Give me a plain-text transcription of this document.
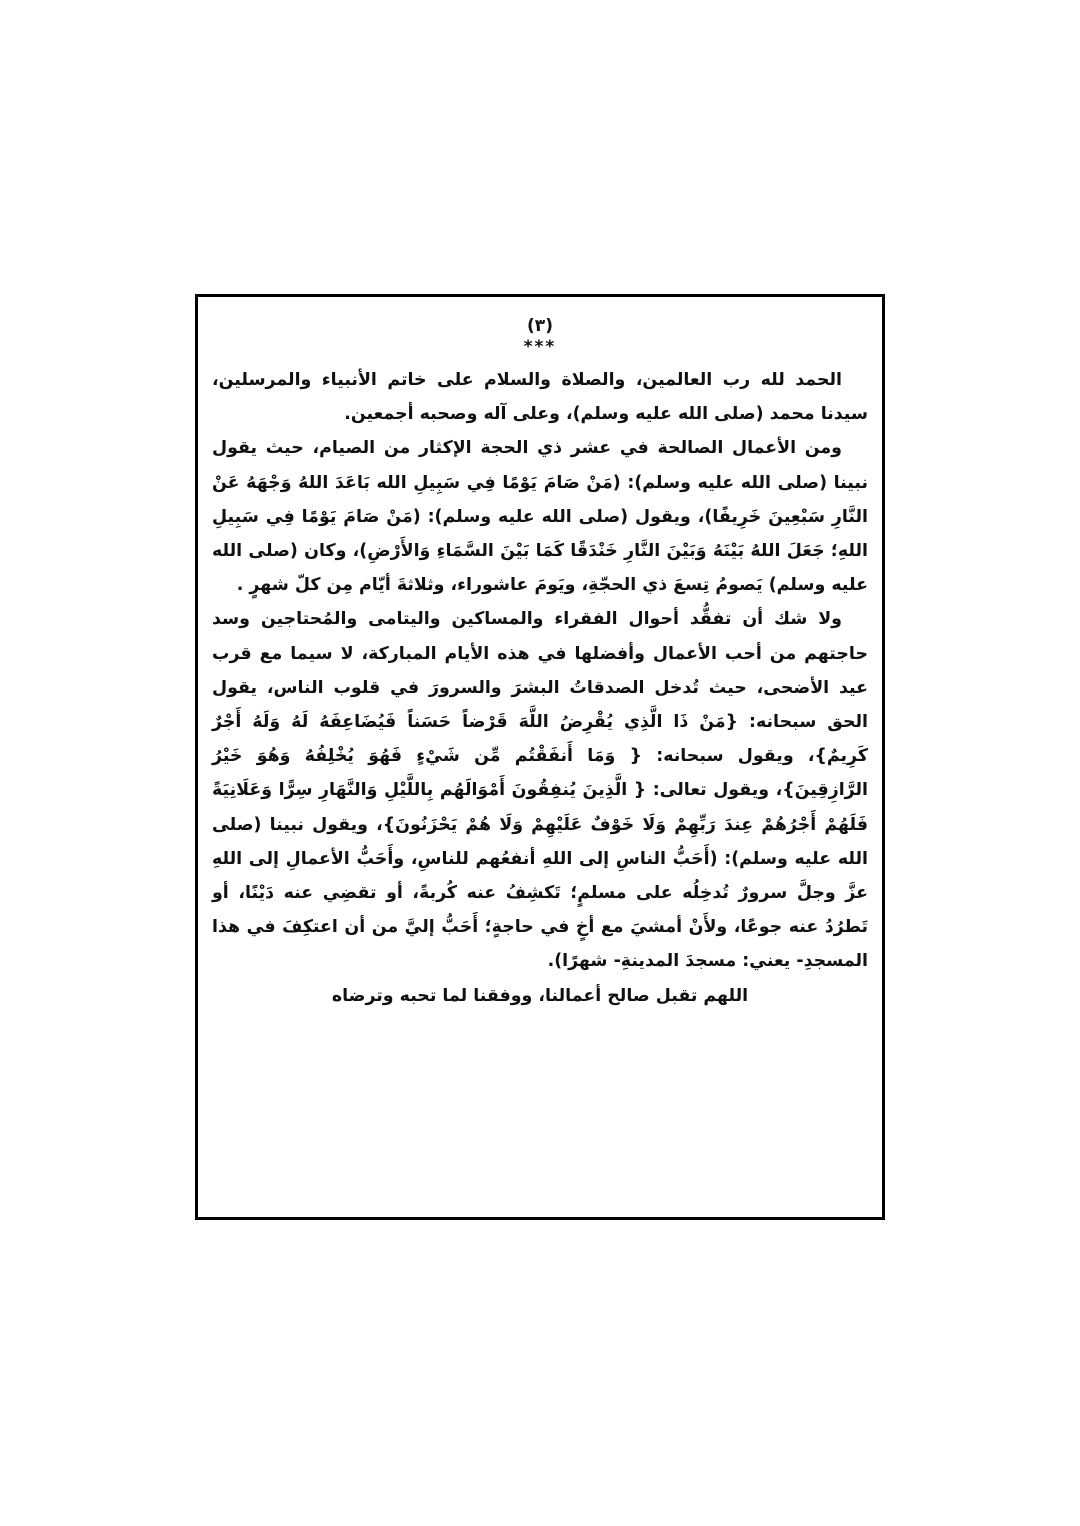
(٣)

***

الحمد لله رب العالمين، والصلاة والسلام على خاتم الأنبياء والمرسلين، سيدنا محمد (صلى الله عليه وسلم)، وعلى آله وصحبه أجمعين.

ومن الأعمال الصالحة في عشر ذي الحجة الإكثار من الصيام، حيث يقول نبينا (صلى الله عليه وسلم): (مَنْ صَامَ يَوْمًا فِي سَبِيلِ الله بَاعَدَ اللهُ وَجْهَهُ عَنْ النَّارِ سَبْعِينَ خَرِيفًا)، ويقول (صلى الله عليه وسلم): (مَنْ صَامَ يَوْمًا فِي سَبِيلِ اللهِ؛ جَعَلَ اللهُ بَيْنَهُ وَبَيْنَ النَّارِ خَنْدَقًا كَمَا بَيْنَ السَّمَاءِ وَالأَرْضِ)، وكان (صلى الله عليه وسلم) يَصومُ تِسعَ ذي الحجّةِ، ويَومَ عاشوراء، وثلاثةَ أيّام مِن كلّ شهرٍ .

ولا شك أن تفقُّد أحوال الفقراء والمساكين واليتامى والمُحتاجين وسد حاجتهم من أحب الأعمال وأفضلها في هذه الأيام المباركة، لا سيما مع قرب عيد الأضحى، حيث تُدخل الصدقاتُ البشرَ والسرورَ في قلوب الناس، يقول الحق سبحانه: {مَنْ ذَا الَّذِي يُقْرِضُ اللَّهَ قَرْضاً حَسَناً فَيُضَاعِفَهُ لَهُ وَلَهُ أَجْرٌ كَرِيمٌ}، ويقول سبحانه: { وَمَا أَنفَقْتُم مِّن شَيْءٍ فَهُوَ يُخْلِفُهُ وَهُوَ خَيْرُ الرَّازِقِينَ}، ويقول تعالى: { الَّذِينَ يُنفِقُونَ أَمْوَالَهُم بِاللَّيْلِ وَالنَّهَارِ سِرًّا وَعَلَانِيَةً فَلَهُمْ أَجْرُهُمْ عِندَ رَبِّهِمْ وَلَا خَوْفٌ عَلَيْهِمْ وَلَا هُمْ يَحْزَنُونَ}، ويقول نبينا (صلى الله عليه وسلم): (أَحَبُّ الناسِ إلى اللهِ أنفعُهم للناسِ، وأَحَبُّ الأعمالِ إلى اللهِ عزَّ وجلَّ سرورٌ تُدخِلُه على مسلمٍ؛ تَكشِفُ عنه كُربةً، أو تقضِي عنه دَيْنًا، أو تَطرُدُ عنه جوعًا، ولأَنْ أمشيَ مع أخٍ في حاجةٍ؛ أَحَبُّ إليَّ من أن اعتكِفَ في هذا المسجدِ- يعني: مسجدَ المدينةِ- شهرًا).

اللهم تقبل صالح أعمالنا، ووفقنا لما تحبه وترضاه
